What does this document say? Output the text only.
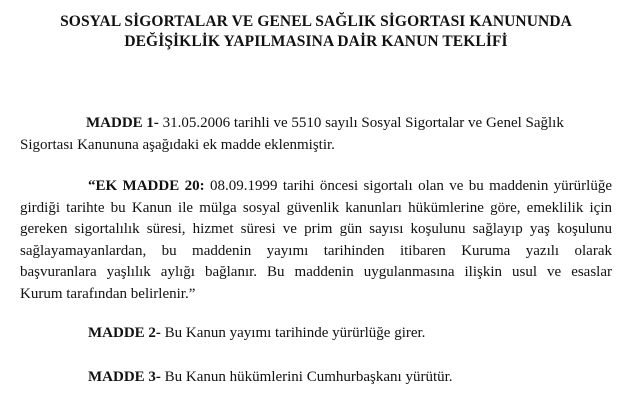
SOSYAL SİGORTALAR VE GENEL SAĞLIK SİGORTASI KANUNUNDA
DEĞİŞİKLİK YAPILMASINA DAİR KANUN TEKLİFİ
MADDE 1- 31.05.2006 tarihli ve 5510 sayılı Sosyal Sigortalar ve Genel Sağlık
Sigortası Kanununa aşağıdaki ek madde eklenmiştir.
“EK MADDE 20: 08.09.1999 tarihi öncesi sigortalı olan ve bu maddenin yürürlüğe
girdiği tarihte bu Kanun ile mülga sosyal güvenlik kanunları hükümlerine göre, emeklilik için
gereken sigortalılık süresi, hizmet süresi ve prim gün sayısı koşulunu sağlayıp yaş koşulunu
sağlayamayanlardan, bu maddenin yayımı tarihinden itibaren Kuruma yazılı olarak
başvuranlara yaşlılık aylığı bağlanır. Bu maddenin uygulanmasına ilişkin usul ve esaslar
Kurum tarafından belirlenir.”
MADDE 2- Bu Kanun yayımı tarihinde yürürlüğe girer.
MADDE 3- Bu Kanun hükümlerini Cumhurbaşkanı yürütür.
